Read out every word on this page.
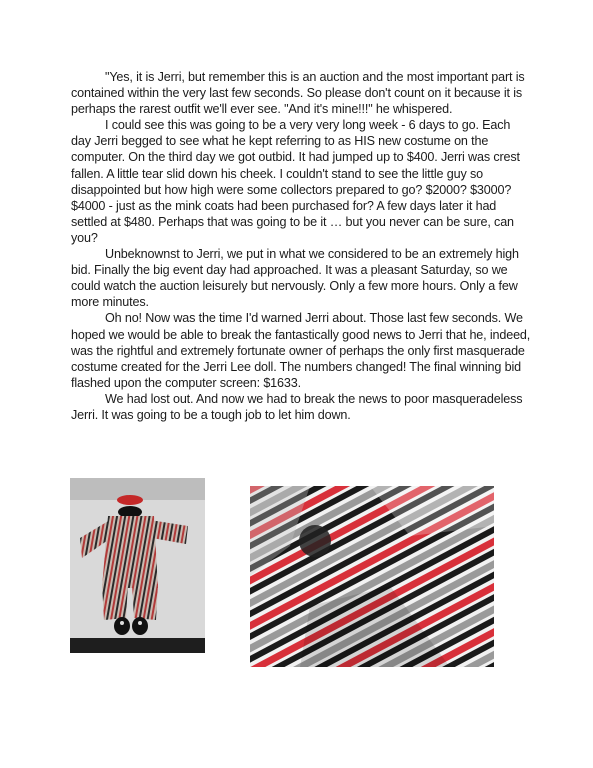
"Yes, it is Jerri, but remember this is an auction and the most important part is contained within the very last few seconds. So please don't count on it because it is perhaps the rarest outfit we'll ever see. "And it's mine!!!" he whispered.

I could see this was going to be a very very long week - 6 days to go. Each day Jerri begged to see what he kept referring to as HIS new costume on the computer. On the third day we got outbid. It had jumped up to $400. Jerri was crest fallen. A little tear slid down his cheek. I couldn't stand to see the little guy so disappointed but how high were some collectors prepared to go? $2000? $3000? $4000 - just as the mink coats had been purchased for? A few days later it had settled at $480. Perhaps that was going to be it … but you never can be sure, can you?

Unbeknownst to Jerri, we put in what we considered to be an extremely high bid. Finally the big event day had approached. It was a pleasant Saturday, so we could watch the auction leisurely but nervously. Only a few more hours. Only a few more minutes.

Oh no! Now was the time I'd warned Jerri about. Those last few seconds. We hoped we would be able to break the fantastically good news to Jerri that he, indeed, was the rightful and extremely fortunate owner of perhaps the only first masquerade costume created for the Jerri Lee doll. The numbers changed! The final winning bid flashed upon the computer screen: $1633.

We had lost out. And now we had to break the news to poor masqueradeless Jerri. It was going to be a tough job to let him down.
